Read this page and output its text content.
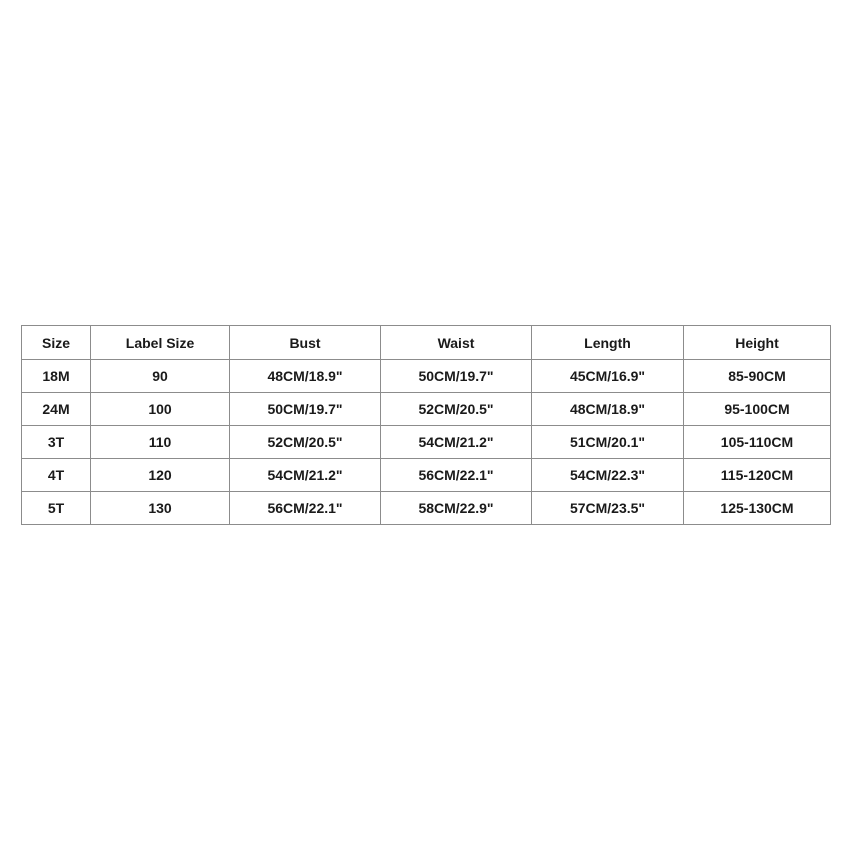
Size	Label Size	Bust	Waist	Length	Height
18M	90	48CM/18.9"	50CM/19.7"	45CM/16.9"	85-90CM
24M	100	50CM/19.7"	52CM/20.5"	48CM/18.9"	95-100CM
3T	110	52CM/20.5"	54CM/21.2"	51CM/20.1"	105-110CM
4T	120	54CM/21.2"	56CM/22.1"	54CM/22.3"	115-120CM
5T	130	56CM/22.1"	58CM/22.9"	57CM/23.5"	125-130CM
